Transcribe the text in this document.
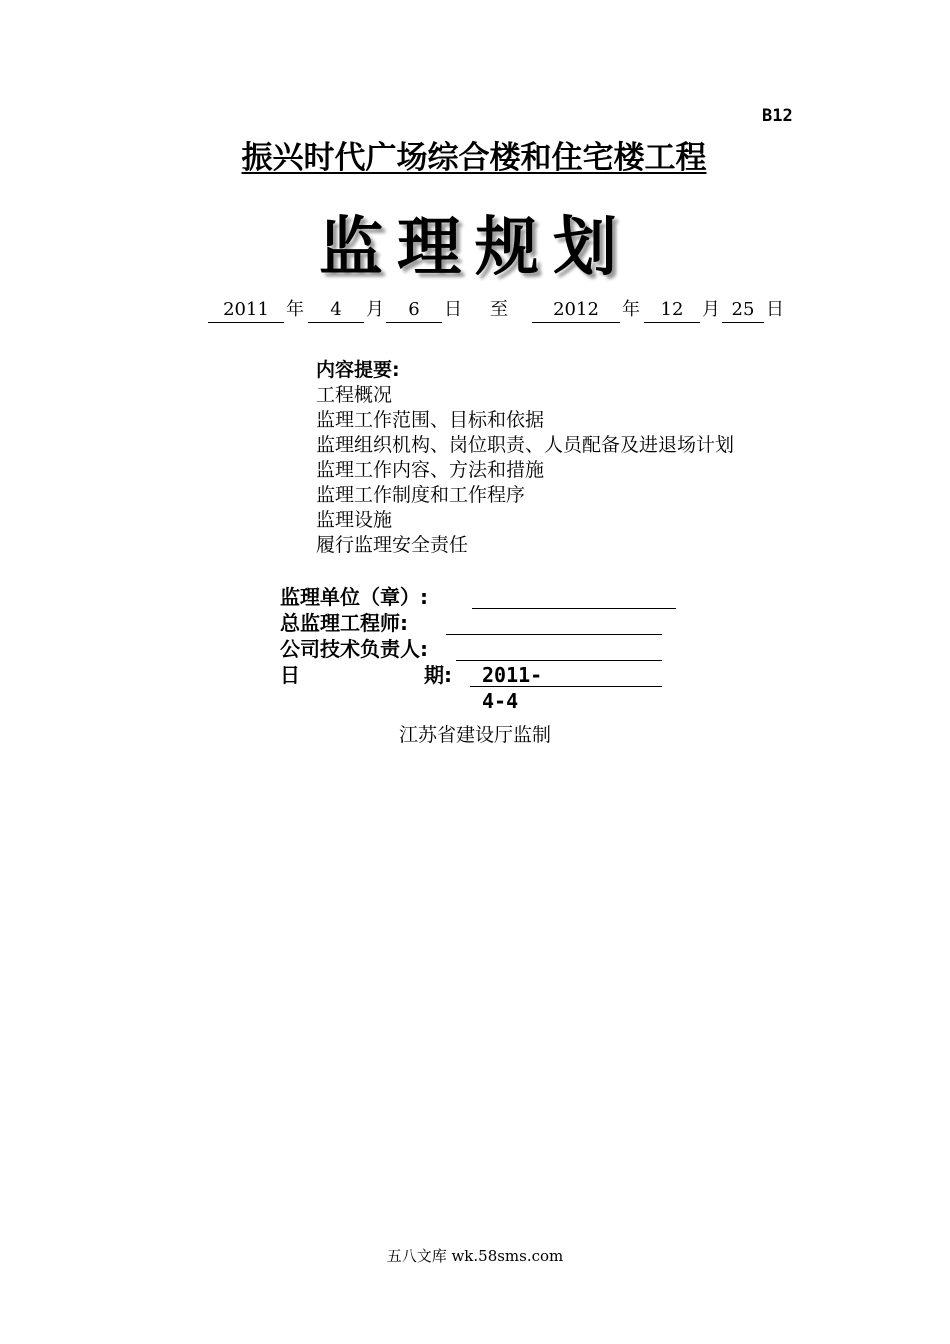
B12
振兴时代广场综合楼和住宅楼工程
监理规划
2011 年	4	月	6	日 至	2012	年	12	月 25 日
内容提要:
工程概况
监理工作范围、目标和依据
监理组织机构、岗位职责、人员配备及进退场计划
监理工作内容、方法和措施
监理工作制度和工作程序
监理设施
履行监理安全责任
监理单位（章）:
总监理工程师:
公司技术负责人:
日	期: 2011-4-4
江苏省建设厅监制
五八文库 wk.58sms.com
